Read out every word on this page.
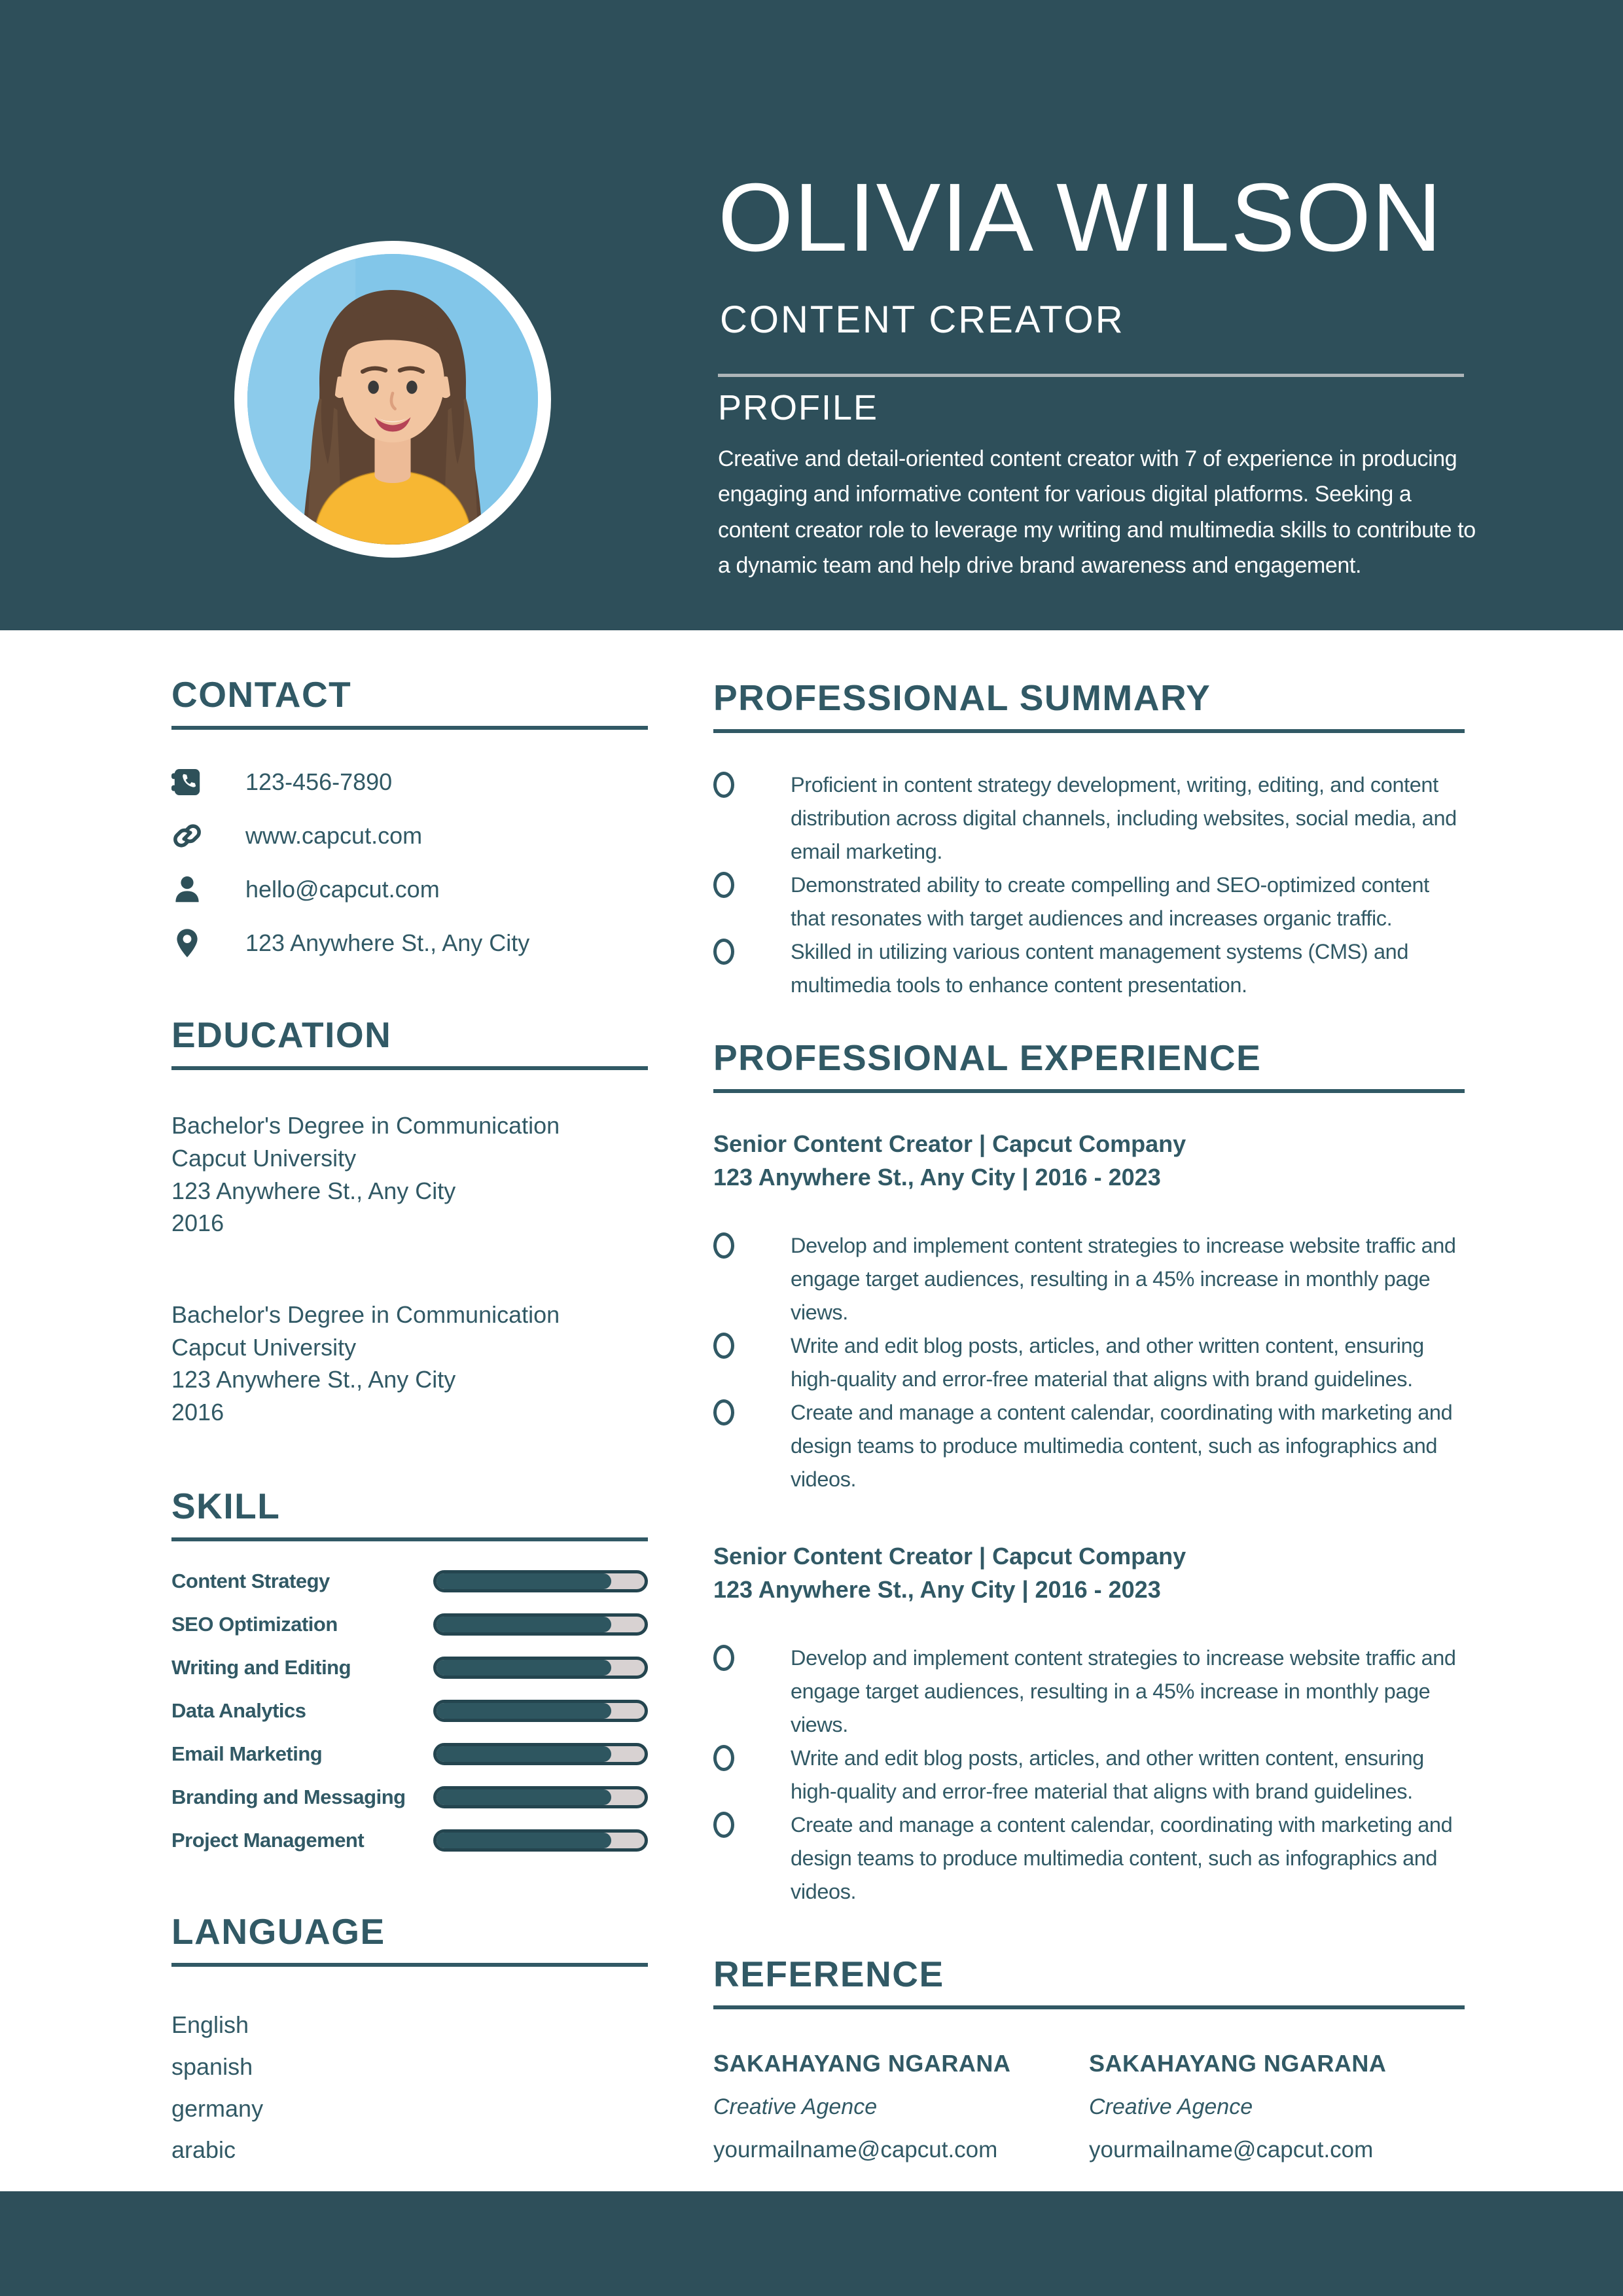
OLIVIA WILSON
CONTENT CREATOR
PROFILE
Creative and detail-oriented content creator with 7 of experience in producing engaging and informative content for various digital platforms. Seeking a content creator role to leverage my writing and multimedia skills to contribute to a dynamic team and help drive brand awareness and engagement.
CONTACT
123-456-7890
www.capcut.com
hello@capcut.com
123 Anywhere St., Any City
EDUCATION
Bachelor's Degree in Communication
Capcut University
123 Anywhere St., Any City
2016
Bachelor's Degree in Communication
Capcut University
123 Anywhere St., Any City
2016
SKILL
Content Strategy
SEO Optimization
Writing and Editing
Data Analytics
Email Marketing
Branding and Messaging
Project Management
LANGUAGE
English
spanish
germany
arabic
PROFESSIONAL SUMMARY
Proficient in content strategy development, writing, editing, and content distribution across digital channels, including websites, social media, and email marketing.
Demonstrated ability to create compelling and SEO-optimized content that resonates with target audiences and increases organic traffic.
Skilled in utilizing various content management systems (CMS) and multimedia tools to enhance content presentation.
PROFESSIONAL EXPERIENCE
Senior Content Creator | Capcut Company
123 Anywhere St., Any City | 2016 - 2023
Develop and implement content strategies to increase website traffic and engage target audiences, resulting in a 45% increase in monthly page views.
Write and edit blog posts, articles, and other written content, ensuring high-quality and error-free material that aligns with brand guidelines.
Create and manage a content calendar, coordinating with marketing and design teams to produce multimedia content, such as infographics and videos.
Senior Content Creator | Capcut Company
123 Anywhere St., Any City | 2016 - 2023
Develop and implement content strategies to increase website traffic and engage target audiences, resulting in a 45% increase in monthly page views.
Write and edit blog posts, articles, and other written content, ensuring high-quality and error-free material that aligns with brand guidelines.
Create and manage a content calendar, coordinating with marketing and design teams to produce multimedia content, such as infographics and videos.
REFERENCE
SAKAHAYANG NGARANA
Creative Agence
yourmailname@capcut.com
SAKAHAYANG NGARANA
Creative Agence
yourmailname@capcut.com
